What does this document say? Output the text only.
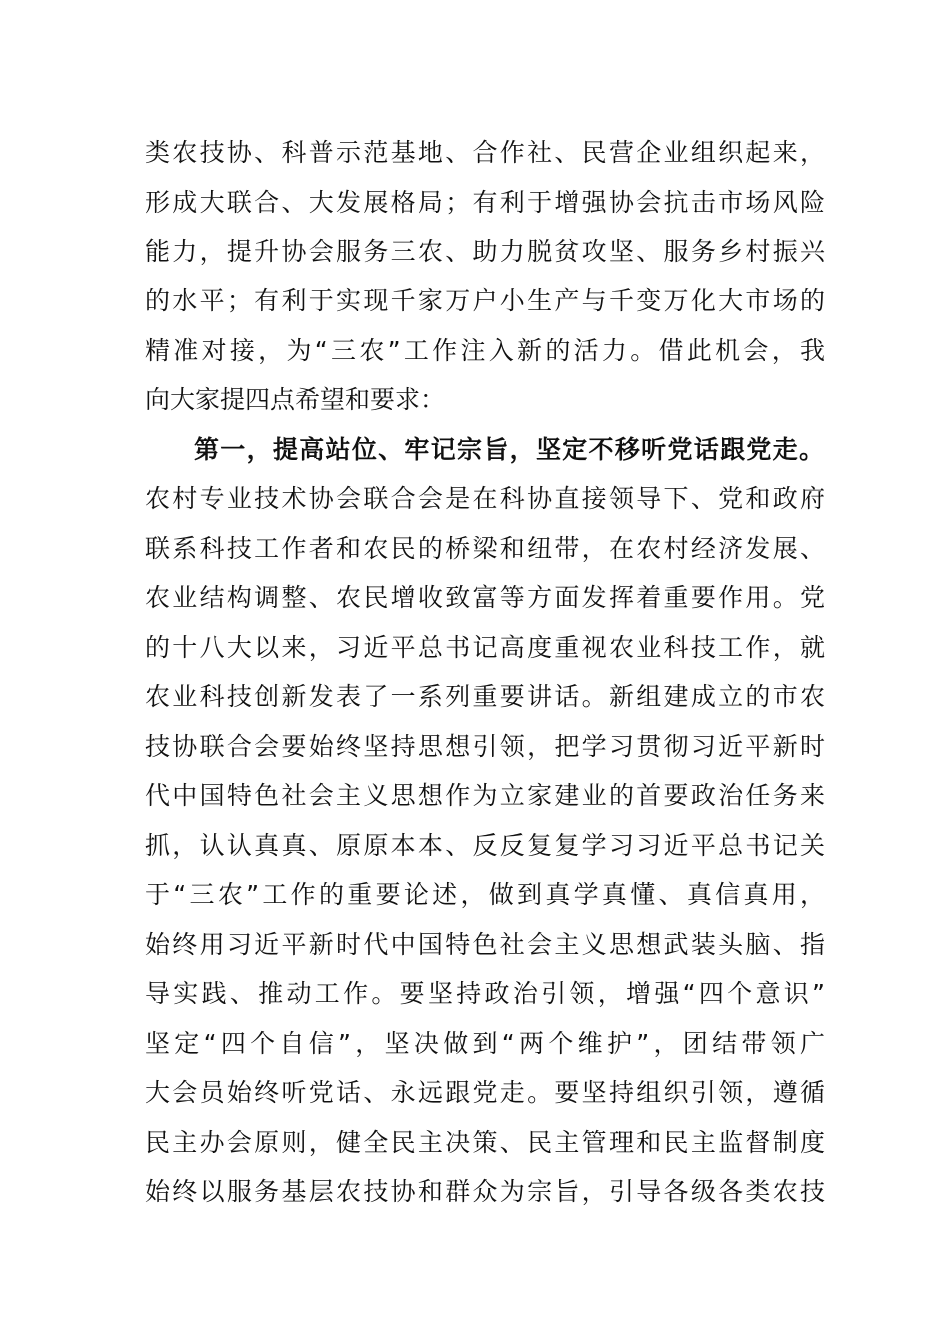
类农技协、科普示范基地、合作社、民营企业组织起来，
形成大联合、大发展格局；有利于增强协会抗击市场风险
能力，提升协会服务三农、助力脱贫攻坚、服务乡村振兴
的水平；有利于实现千家万户小生产与千变万化大市场的
精准对接，为“三农”工作注入新的活力。借此机会，我
向大家提四点希望和要求：
第一，提高站位、牢记宗旨，坚定不移听党话跟党走。
农村专业技术协会联合会是在科协直接领导下、党和政府
联系科技工作者和农民的桥梁和纽带，在农村经济发展、
农业结构调整、农民增收致富等方面发挥着重要作用。党
的十八大以来，习近平总书记高度重视农业科技工作，就
农业科技创新发表了一系列重要讲话。新组建成立的市农
技协联合会要始终坚持思想引领，把学习贯彻习近平新时
代中国特色社会主义思想作为立家建业的首要政治任务来
抓，认认真真、原原本本、反反复复学习习近平总书记关
于“三农”工作的重要论述，做到真学真懂、真信真用，
始终用习近平新时代中国特色社会主义思想武装头脑、指
导实践、推动工作。要坚持政治引领，增强“四个意识”
坚定“四个自信”，坚决做到“两个维护”，团结带领广
大会员始终听党话、永远跟党走。要坚持组织引领，遵循
民主办会原则，健全民主决策、民主管理和民主监督制度
始终以服务基层农技协和群众为宗旨，引导各级各类农技
